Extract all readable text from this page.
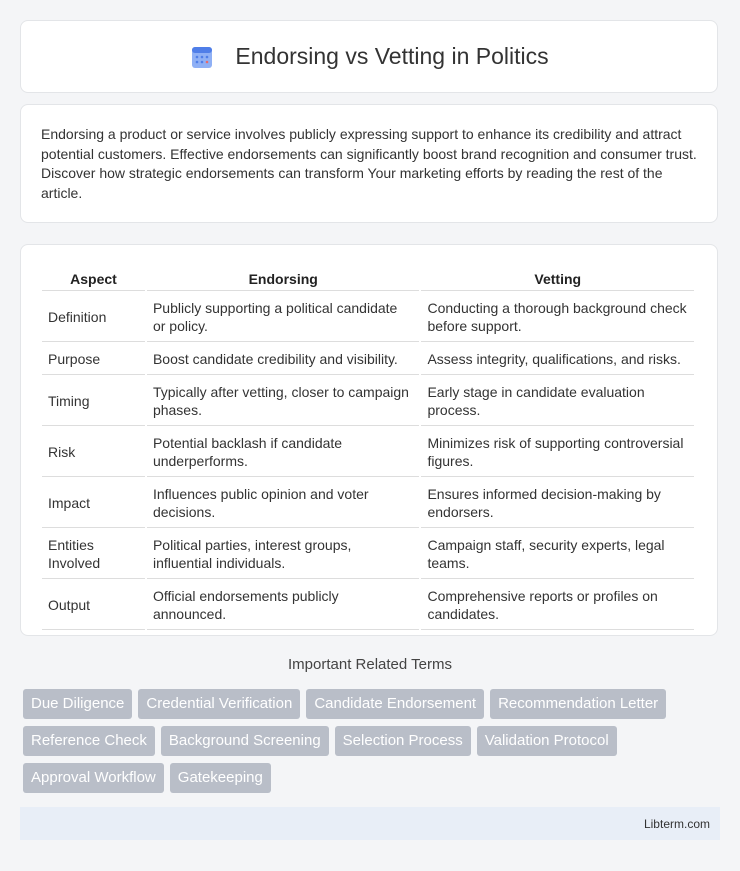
Endorsing vs Vetting in Politics

Endorsing a product or service involves publicly expressing support to enhance its credibility and attract potential customers. Effective endorsements can significantly boost brand recognition and consumer trust. Discover how strategic endorsements can transform Your marketing efforts by reading the rest of the article.

Aspect	Endorsing	Vetting
Definition	Publicly supporting a political candidate or policy.	Conducting a thorough background check before support.
Purpose	Boost candidate credibility and visibility.	Assess integrity, qualifications, and risks.
Timing	Typically after vetting, closer to campaign phases.	Early stage in candidate evaluation process.
Risk	Potential backlash if candidate underperforms.	Minimizes risk of supporting controversial figures.
Impact	Influences public opinion and voter decisions.	Ensures informed decision-making by endorsers.
Entities Involved	Political parties, interest groups, influential individuals.	Campaign staff, security experts, legal teams.
Output	Official endorsements publicly announced.	Comprehensive reports or profiles on candidates.
Important Related Terms
Due Diligence	Credential Verification	Candidate Endorsement	Recommendation Letter
Reference Check	Background Screening	Selection Process	Validation Protocol
Approval Workflow	Gatekeeping
Libterm.com
